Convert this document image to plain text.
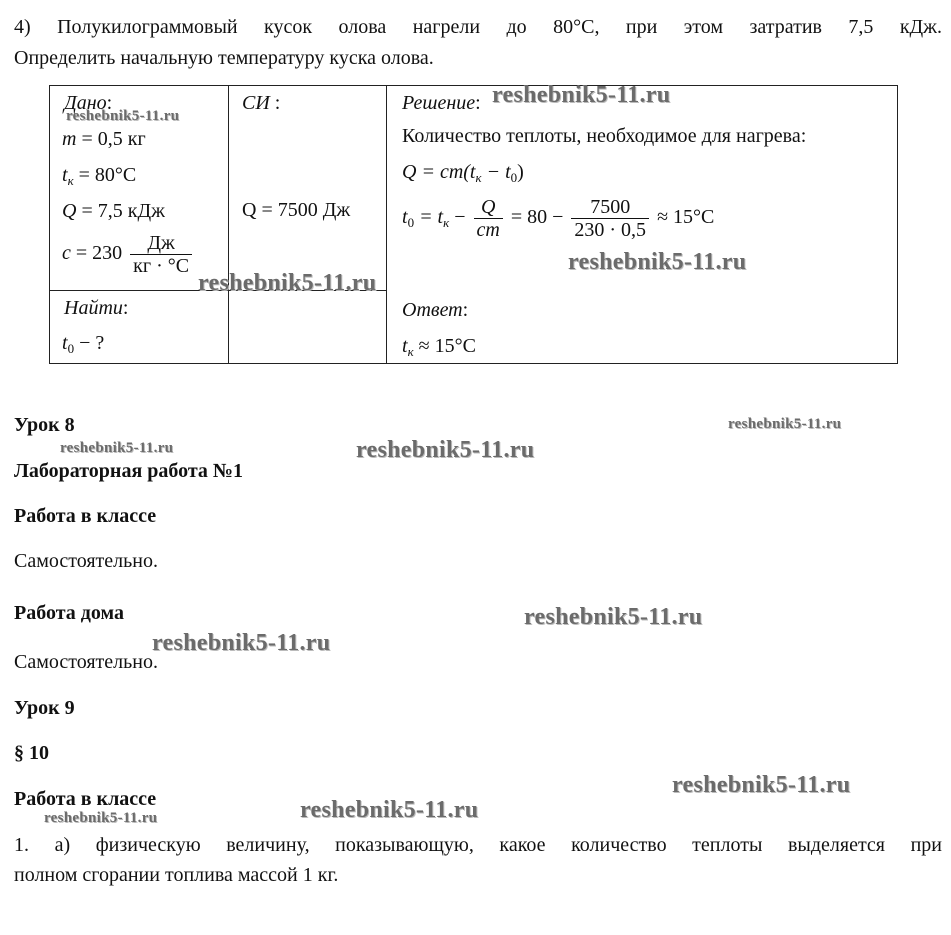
4) Полукилограммовый кусок олова нагрели до 80°С, при этом затратив 7,5 кДж.
Определить начальную температуру куска олова.
Дано:
m = 0,5 кг
$t_к = 80^\circ С$
Q = 7,5 кДж
$c = 230 \frac{Дж}{кг \cdot ^\circ С}$
Найти:
$t_0$ − ?
СИ :
Q = 7500 Дж
Решение:
Количество теплоты, необходимое для нагрева:
$Q = cm(t_к - t_0)$
$t_0 = t_к - \frac{Q}{cm} = 80 - \frac{7500}{230 \cdot 0,5} \approx 15^\circ С$
Ответ:
$t_к \approx 15^\circ С$
Урок 8
Лабораторная работа №1
Работа в классе
Самостоятельно.
Работа дома
Самостоятельно.
Урок 9
§ 10
Работа в классе
1. а) физическую величину, показывающую, какое количество теплоты выделяется при
полном сгорании топлива массой 1 кг.
reshebnik5-11.ru
reshebnik5-11.ru
reshebnik5-11.ru
reshebnik5-11.ru
reshebnik5-11.ru	reshebnik5-11.ru
reshebnik5-11.ru
reshebnik5-11.ru
reshebnik5-11.ru
reshebnik5-11.ru
reshebnik5-11.ru
reshebnik5-11.ru
